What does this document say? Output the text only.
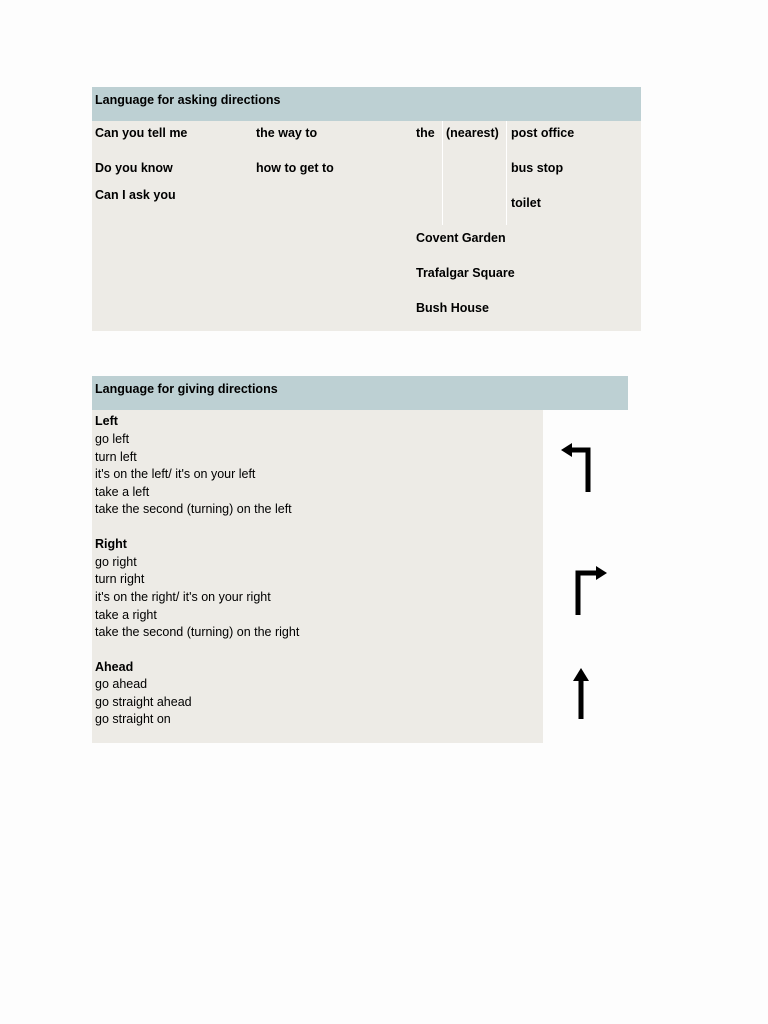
Language for asking directions
Can you tell me
Do you know
Can I ask you
the way to
how to get to
the (nearest) post office
bus stop
toilet
Covent Garden
Trafalgar Square
Bush House
Language for giving directions
Left
go left
turn left
it's on the left/ it's on your left
take a left
take the second (turning) on the left
Right
go right
turn right
it's on the right/ it's on your right
take a right
take the second (turning) on the right
Ahead
go ahead
go straight ahead
go straight on
